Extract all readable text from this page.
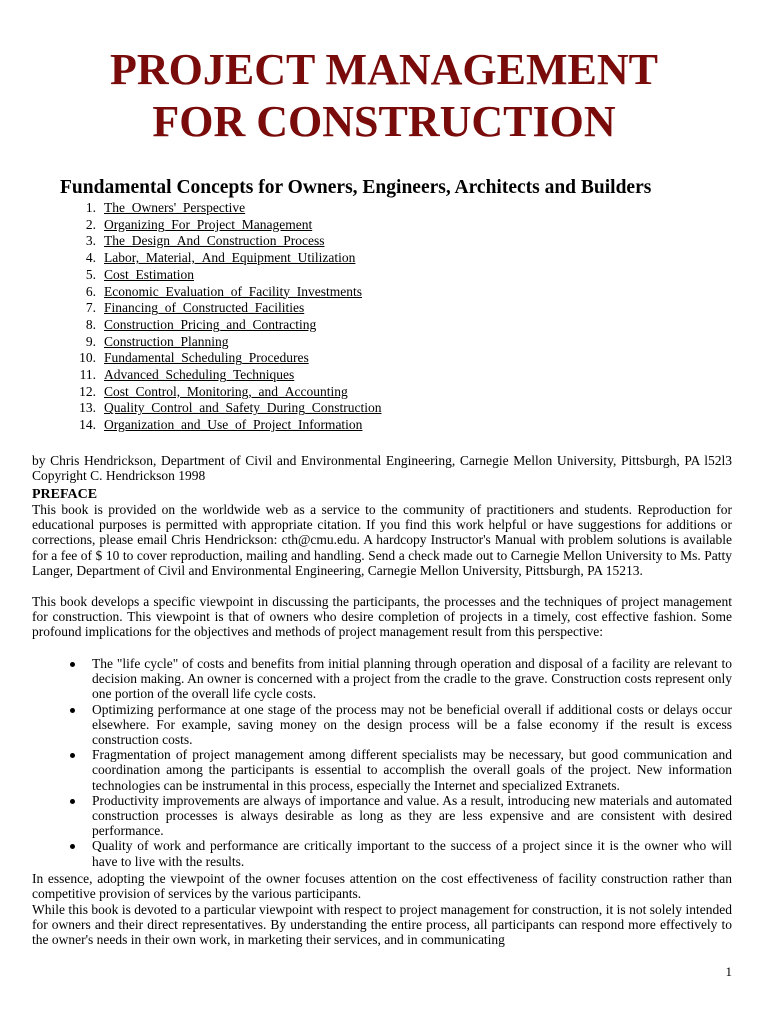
PROJECT MANAGEMENT
FOR CONSTRUCTION
Fundamental Concepts for Owners, Engineers, Architects and Builders
1. The_Owners'_Perspective
2. Organizing_For_Project_Management
3. The_Design_And_Construction_Process
4. Labor,_Material,_And_Equipment_Utilization
5. Cost_Estimation
6. Economic_Evaluation_of_Facility_Investments
7. Financing_of_Constructed_Facilities
8. Construction_Pricing_and_Contracting
9. Construction_Planning
10. Fundamental_Scheduling_Procedures
11. Advanced_Scheduling_Techniques
12. Cost_Control,_Monitoring,_and_Accounting
13. Quality_Control_and_Safety_During_Construction
14. Organization_and_Use_of_Project_Information

by Chris Hendrickson, Department of Civil and Environmental Engineering, Carnegie Mellon University, Pittsburgh, PA l52l3 Copyright C. Hendrickson 1998

PREFACE

This book is provided on the worldwide web as a service to the community of practitioners and students. Reproduction for educational purposes is permitted with appropriate citation. If you find this work helpful or have suggestions for additions or corrections, please email Chris Hendrickson: cth@cmu.edu. A hardcopy Instructor's Manual with problem solutions is available for a fee of $ 10 to cover reproduction, mailing and handling. Send a check made out to Carnegie Mellon University to Ms. Patty Langer, Department of Civil and Environmental Engineering, Carnegie Mellon University, Pittsburgh, PA 15213.

This book develops a specific viewpoint in discussing the participants, the processes and the techniques of project management for construction. This viewpoint is that of owners who desire completion of projects in a timely, cost effective fashion. Some profound implications for the objectives and methods of project management result from this perspective:

The "life cycle" of costs and benefits from initial planning through operation and disposal of a facility are relevant to decision making. An owner is concerned with a project from the cradle to the grave. Construction costs represent only one portion of the overall life cycle costs.
Optimizing performance at one stage of the process may not be beneficial overall if additional costs or delays occur elsewhere. For example, saving money on the design process will be a false economy if the result is excess construction costs.
Fragmentation of project management among different specialists may be necessary, but good communication and coordination among the participants is essential to accomplish the overall goals of the project. New information technologies can be instrumental in this process, especially the Internet and specialized Extranets.
Productivity improvements are always of importance and value. As a result, introducing new materials and automated construction processes is always desirable as long as they are less expensive and are consistent with desired performance.
Quality of work and performance are critically important to the success of a project since it is the owner who will have to live with the results.

In essence, adopting the viewpoint of the owner focuses attention on the cost effectiveness of facility construction rather than competitive provision of services by the various participants.

While this book is devoted to a particular viewpoint with respect to project management for construction, it is not solely intended for owners and their direct representatives. By understanding the entire process, all participants can respond more effectively to the owner's needs in their own work, in marketing their services, and in communicating

1
